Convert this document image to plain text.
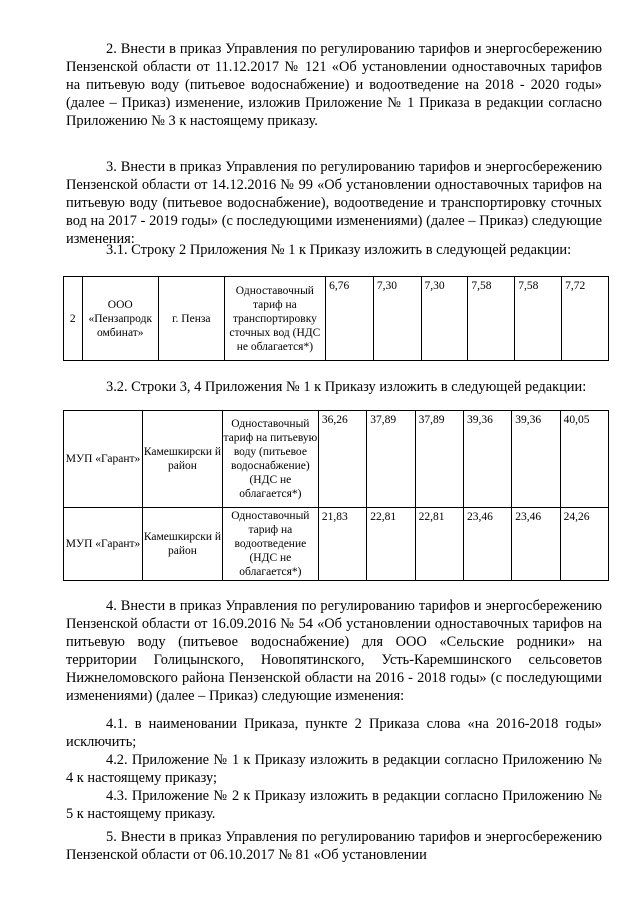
2. Внести в приказ Управления по регулированию тарифов и энергосбережению Пензенской области от 11.12.2017 № 121 «Об установлении одноставочных тарифов на питьевую воду (питьевое водоснабжение) и водоотведение на 2018 - 2020 годы» (далее – Приказ) изменение, изложив Приложение № 1 Приказа в редакции согласно Приложению № 3 к настоящему приказу.

3. Внести в приказ Управления по регулированию тарифов и энергосбережению Пензенской области от 14.12.2016 № 99 «Об установлении одноставочных тарифов на питьевую воду (питьевое водоснабжение), водоотведение и транспортировку сточных вод на 2017 - 2019 годы» (с последующими изменениями) (далее – Приказ) следующие изменения:

3.1. Строку 2 Приложения № 1 к Приказу изложить в следующей редакции:

2	ООО «Пензапродк омбинат»	г. Пенза	Одноставочный тариф на транспортировку сточных вод (НДС не облагается*)	6,76	7,30	7,30	7,58	7,58	7,72

3.2. Строки 3, 4 Приложения № 1 к Приказу изложить в следующей редакции:

МУП «Гарант»	Камешкирски й район	Одноставочный тариф на питьевую воду (питьевое водоснабжение) (НДС не облагается*)	36,26	37,89	37,89	39,36	39,36	40,05
МУП «Гарант»	Камешкирски й район	Одноставочный тариф на водоотведение (НДС не облагается*)	21,83	22,81	22,81	23,46	23,46	24,26

4. Внести в приказ Управления по регулированию тарифов и энергосбережению Пензенской области от 16.09.2016 № 54 «Об установлении одноставочных тарифов на питьевую воду (питьевое водоснабжение) для ООО «Сельские родники» на территории Голицынского, Новопятинского, Усть-Каремшинского сельсоветов Нижнеломовского района Пензенской области на 2016 - 2018 годы» (с последующими изменениями) (далее – Приказ) следующие изменения:

4.1. в наименовании Приказа, пункте 2 Приказа слова «на 2016-2018 годы» исключить;

4.2. Приложение № 1 к Приказу изложить в редакции согласно Приложению № 4 к настоящему приказу;

4.3. Приложение № 2 к Приказу изложить в редакции согласно Приложению № 5 к настоящему приказу.

5. Внести в приказ Управления по регулированию тарифов и энергосбережению Пензенской области от 06.10.2017 № 81 «Об установлении
